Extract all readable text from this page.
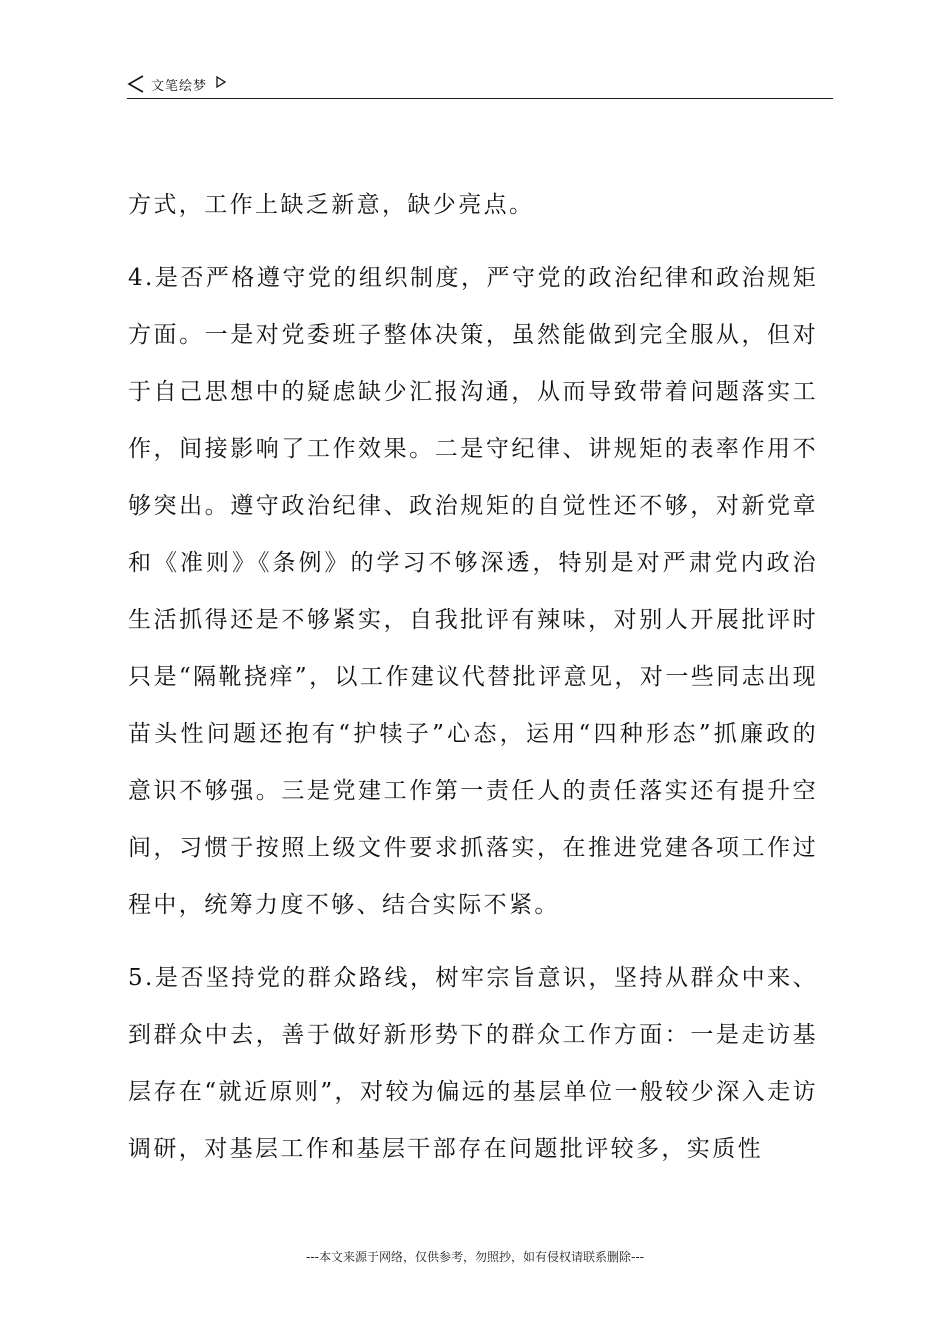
文笔绘梦

方式，工作上缺乏新意，缺少亮点。

4.是否严格遵守党的组织制度，严守党的政治纪律和政治规矩方面。一是对党委班子整体决策，虽然能做到完全服从，但对于自己思想中的疑虑缺少汇报沟通，从而导致带着问题落实工作，间接影响了工作效果。二是守纪律、讲规矩的表率作用不够突出。遵守政治纪律、政治规矩的自觉性还不够，对新党章和《准则》《条例》的学习不够深透，特别是对严肃党内政治生活抓得还是不够紧实，自我批评有辣味，对别人开展批评时只是“隔靴挠痒”，以工作建议代替批评意见，对一些同志出现苗头性问题还抱有“护犊子”心态，运用“四种形态”抓廉政的意识不够强。三是党建工作第一责任人的责任落实还有提升空间，习惯于按照上级文件要求抓落实，在推进党建各项工作过程中，统筹力度不够、结合实际不紧。

5.是否坚持党的群众路线，树牢宗旨意识，坚持从群众中来、到群众中去，善于做好新形势下的群众工作方面：一是走访基层存在“就近原则”，对较为偏远的基层单位一般较少深入走访调研，对基层工作和基层干部存在问题批评较多，实质性

---本文来源于网络，仅供参考，勿照抄，如有侵权请联系删除---
